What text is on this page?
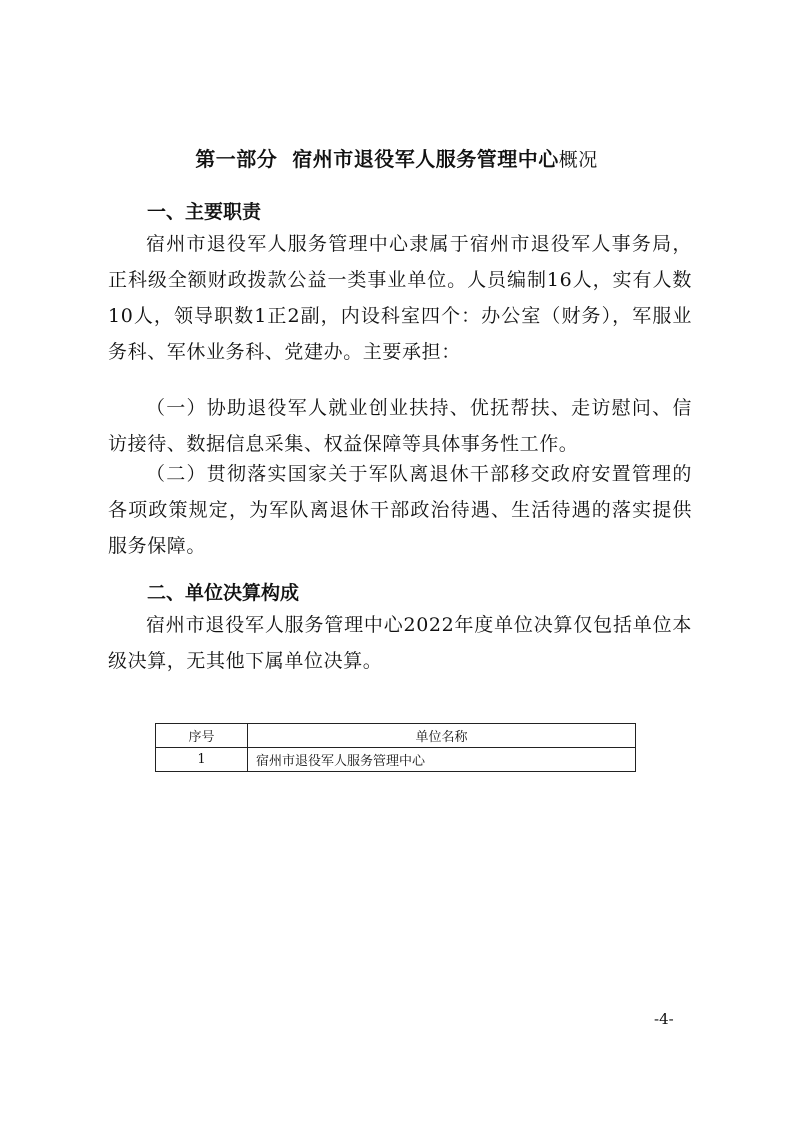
第一部分 宿州市退役军人服务管理中心概况
一、主要职责

宿州市退役军人服务管理中心隶属于宿州市退役军人事务局，正科级全额财政拨款公益一类事业单位。人员编制16人，实有人数10人，领导职数1正2副，内设科室四个：办公室（财务），军服业务科、军休业务科、党建办。主要承担：

（一）协助退役军人就业创业扶持、优抚帮扶、走访慰问、信访接待、数据信息采集、权益保障等具体事务性工作。

（二）贯彻落实国家关于军队离退休干部移交政府安置管理的各项政策规定，为军队离退休干部政治待遇、生活待遇的落实提供服务保障。

二、单位决算构成

宿州市退役军人服务管理中心2022年度单位决算仅包括单位本级决算，无其他下属单位决算。

序号	单位名称
1	宿州市退役军人服务管理中心
-4-
